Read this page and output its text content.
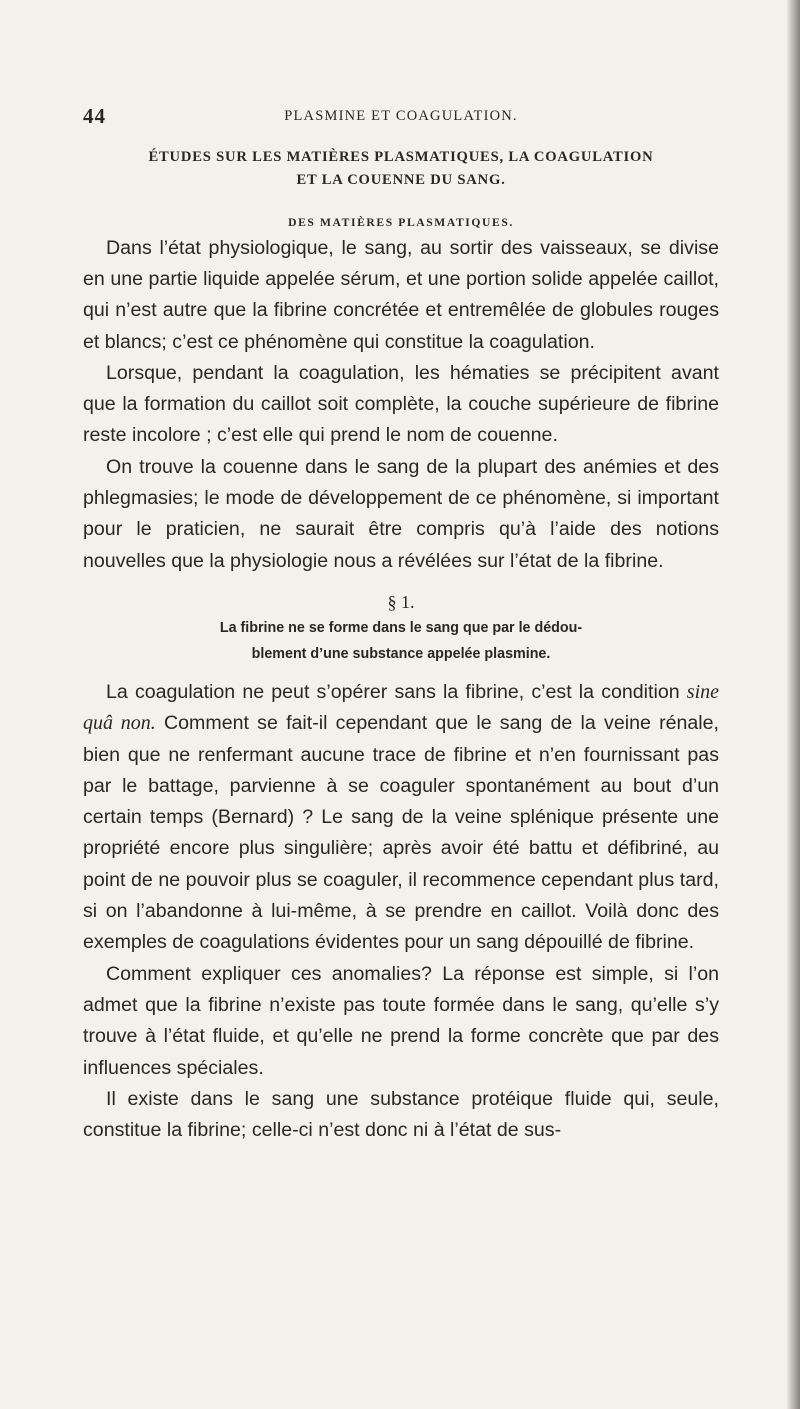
44	PLASMINE ET COAGULATION.
ÉTUDES SUR LES MATIÈRES PLASMATIQUES, LA COAGULATION
ET LA COUENNE DU SANG.
DES MATIÈRES PLASMATIQUES.

Dans l’état physiologique, le sang, au sortir des vaisseaux, se divise en une partie liquide appelée sérum, et une portion solide appelée caillot, qui n’est autre que la fibrine concrétée et entremêlée de globules rouges et blancs; c’est ce phénomène qui constitue la coagulation.

Lorsque, pendant la coagulation, les hématies se précipitent avant que la formation du caillot soit complète, la couche supérieure de fibrine reste incolore ; c’est elle qui prend le nom de couenne.

On trouve la couenne dans le sang de la plupart des anémies et des phlegmasies; le mode de développement de ce phénomène, si important pour le praticien, ne saurait être compris qu’à l’aide des notions nouvelles que la physiologie nous a révélées sur l’état de la fibrine.

§ 1.
La fibrine ne se forme dans le sang que par le dédou-
blement d’une substance appelée plasmine.

La coagulation ne peut s’opérer sans la fibrine, c’est la condition sine quâ non. Comment se fait-il cependant que le sang de la veine rénale, bien que ne renfermant aucune trace de fibrine et n’en fournissant pas par le battage, parvienne à se coaguler spontanément au bout d’un certain temps (Bernard) ? Le sang de la veine splénique présente une propriété encore plus singulière; après avoir été battu et défibriné, au point de ne pouvoir plus se coaguler, il recommence cependant plus tard, si on l’abandonne à lui-même, à se prendre en caillot. Voilà donc des exemples de coagulations évidentes pour un sang dépouillé de fibrine.

Comment expliquer ces anomalies? La réponse est simple, si l’on admet que la fibrine n’existe pas toute formée dans le sang, qu’elle s’y trouve à l’état fluide, et qu’elle ne prend la forme concrète que par des influences spéciales.

Il existe dans le sang une substance protéique fluide qui, seule, constitue la fibrine; celle-ci n’est donc ni à l’état de sus-
